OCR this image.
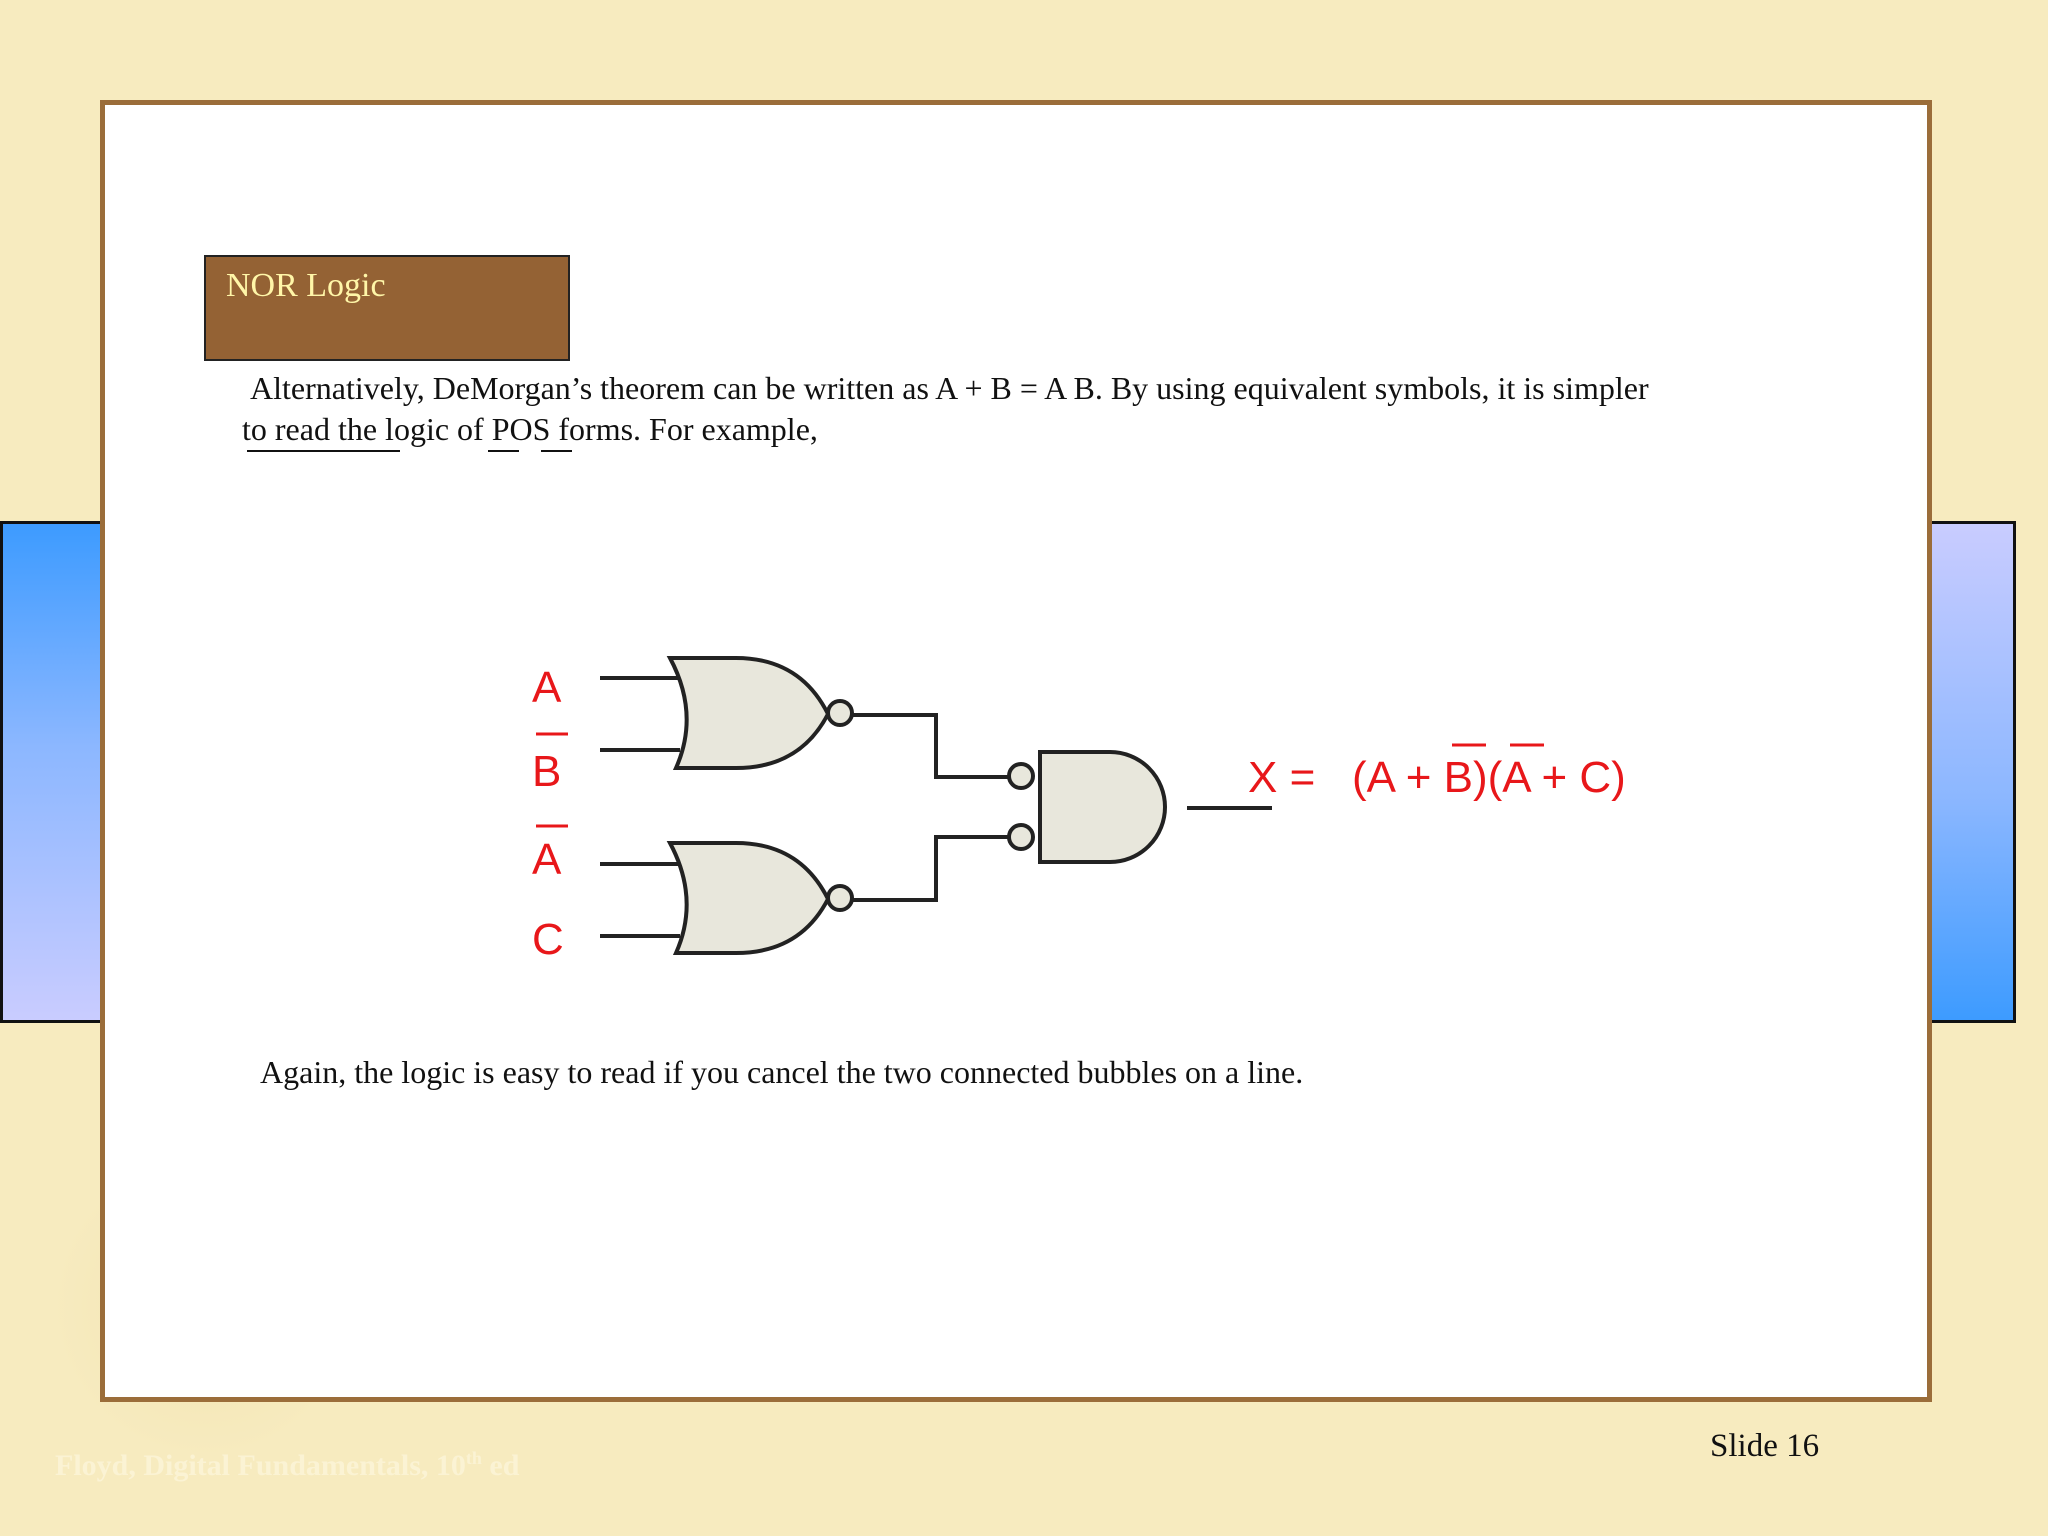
NOR Logic
Alternatively, DeMorgan’s theorem can be written as A + B = A B. By using equivalent symbols, it is simpler
to read the logic of POS forms. For example,
A
B
A
C
X =   (A + B)(A + C)
Again, the logic is easy to read if you cancel the two connected bubbles on a line.
Slide 16
Floyd, Digital Fundamentals, 10th ed
